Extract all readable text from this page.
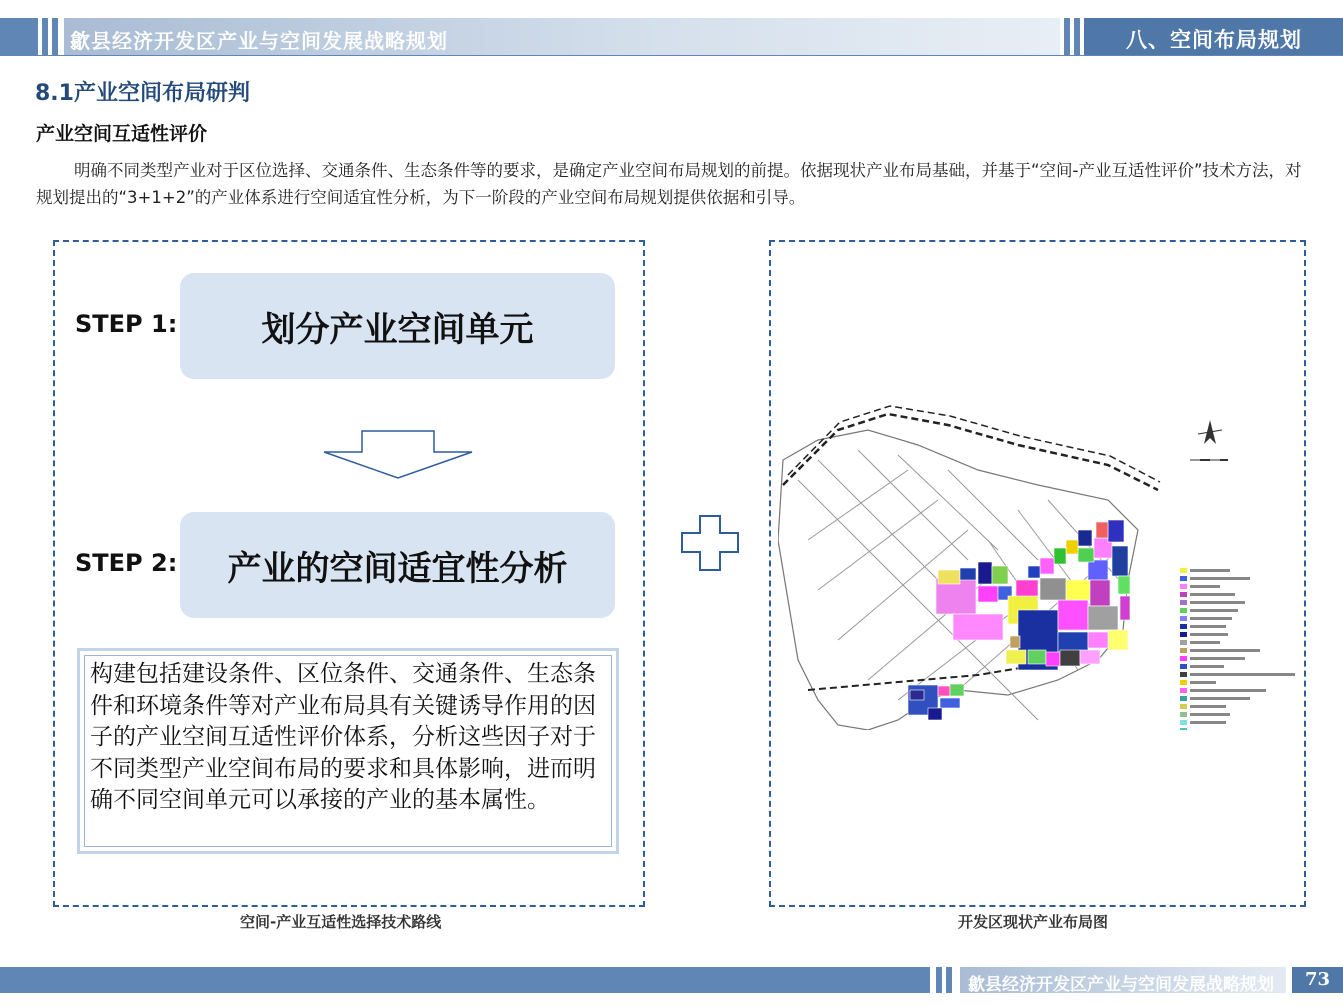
歙县经济开发区产业与空间发展战略规划	八、空间布局规划
8.1产业空间布局研判
产业空间互适性评价
明确不同类型产业对于区位选择、交通条件、生态条件等的要求，是确定产业空间布局规划的前提。依据现状产业布局基础，并基于“空间-产业互适性评价”技术方法，对规划提出的“3+1+2”的产业体系进行空间适宜性分析，为下一阶段的产业空间布局规划提供依据和引导。
STEP 1:	划分产业空间单元
STEP 2:	产业的空间适宜性分析
构建包括建设条件、区位条件、交通条件、生态条件和环境条件等对产业布局具有关键诱导作用的因子的产业空间互适性评价体系，分析这些因子对于不同类型产业空间布局的要求和具体影响，进而明确不同空间单元可以承接的产业的基本属性。
空间-产业互适性选择技术路线	开发区现状产业布局图
歙县经济开发区产业与空间发展战略规划	73
